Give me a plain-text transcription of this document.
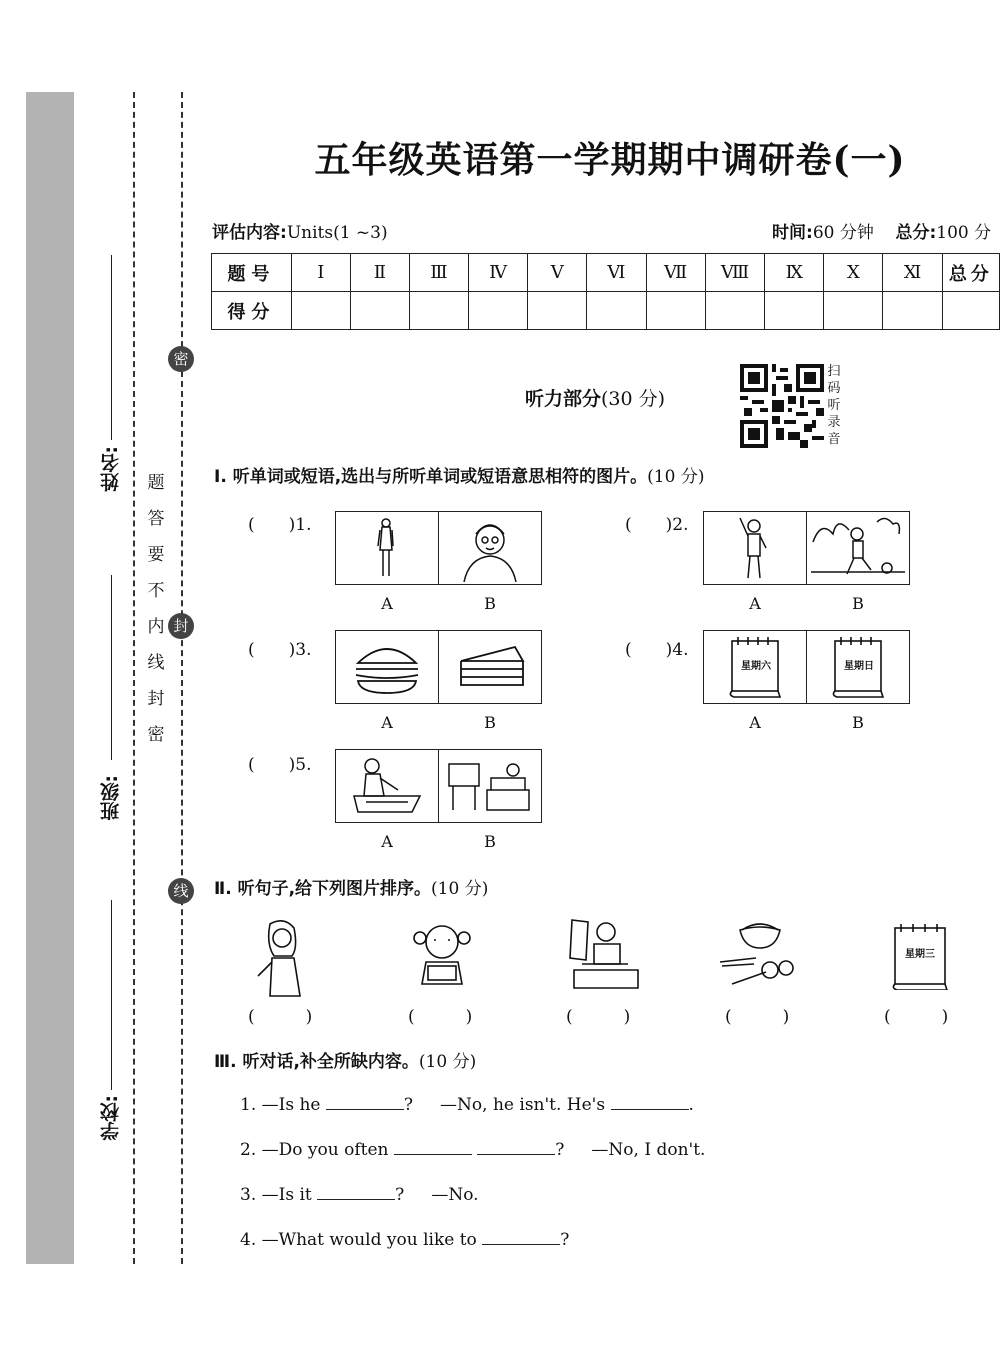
姓名:
班级:
学校:
密
封
线
题
答
要
不
内
线
封
密
五年级英语第一学期期中调研卷(一)
评估内容:Units(1 ~3)	时间:60 分钟 总分:100 分
题号	Ⅰ	Ⅱ	Ⅲ	Ⅳ	Ⅴ	Ⅵ	Ⅶ	Ⅷ	Ⅸ	Ⅹ	Ⅺ	总分
得分												
听力部分(30 分)
扫
码
听
录
音
Ⅰ. 听单词或短语,选出与所听单词或短语意思相符的图片。(10 分)
(　　)1.
A	B
(　　)2.
A	B
(　　)3.
A	B
(　　)4.
星期六	星期日
A	B
(　　)5.
A	B
Ⅱ. 听句子,给下列图片排序。(10 分)
星期三
(　　　)	(　　　)	(　　　)	(　　　)	(　　　)
Ⅲ. 听对话,补全所缺内容。(10 分)
1. —Is he	? —No, he isn't. He's	.
2. —Do you often	? —No, I don't.
3. —Is it	? —No.
4. —What would you like to	?
